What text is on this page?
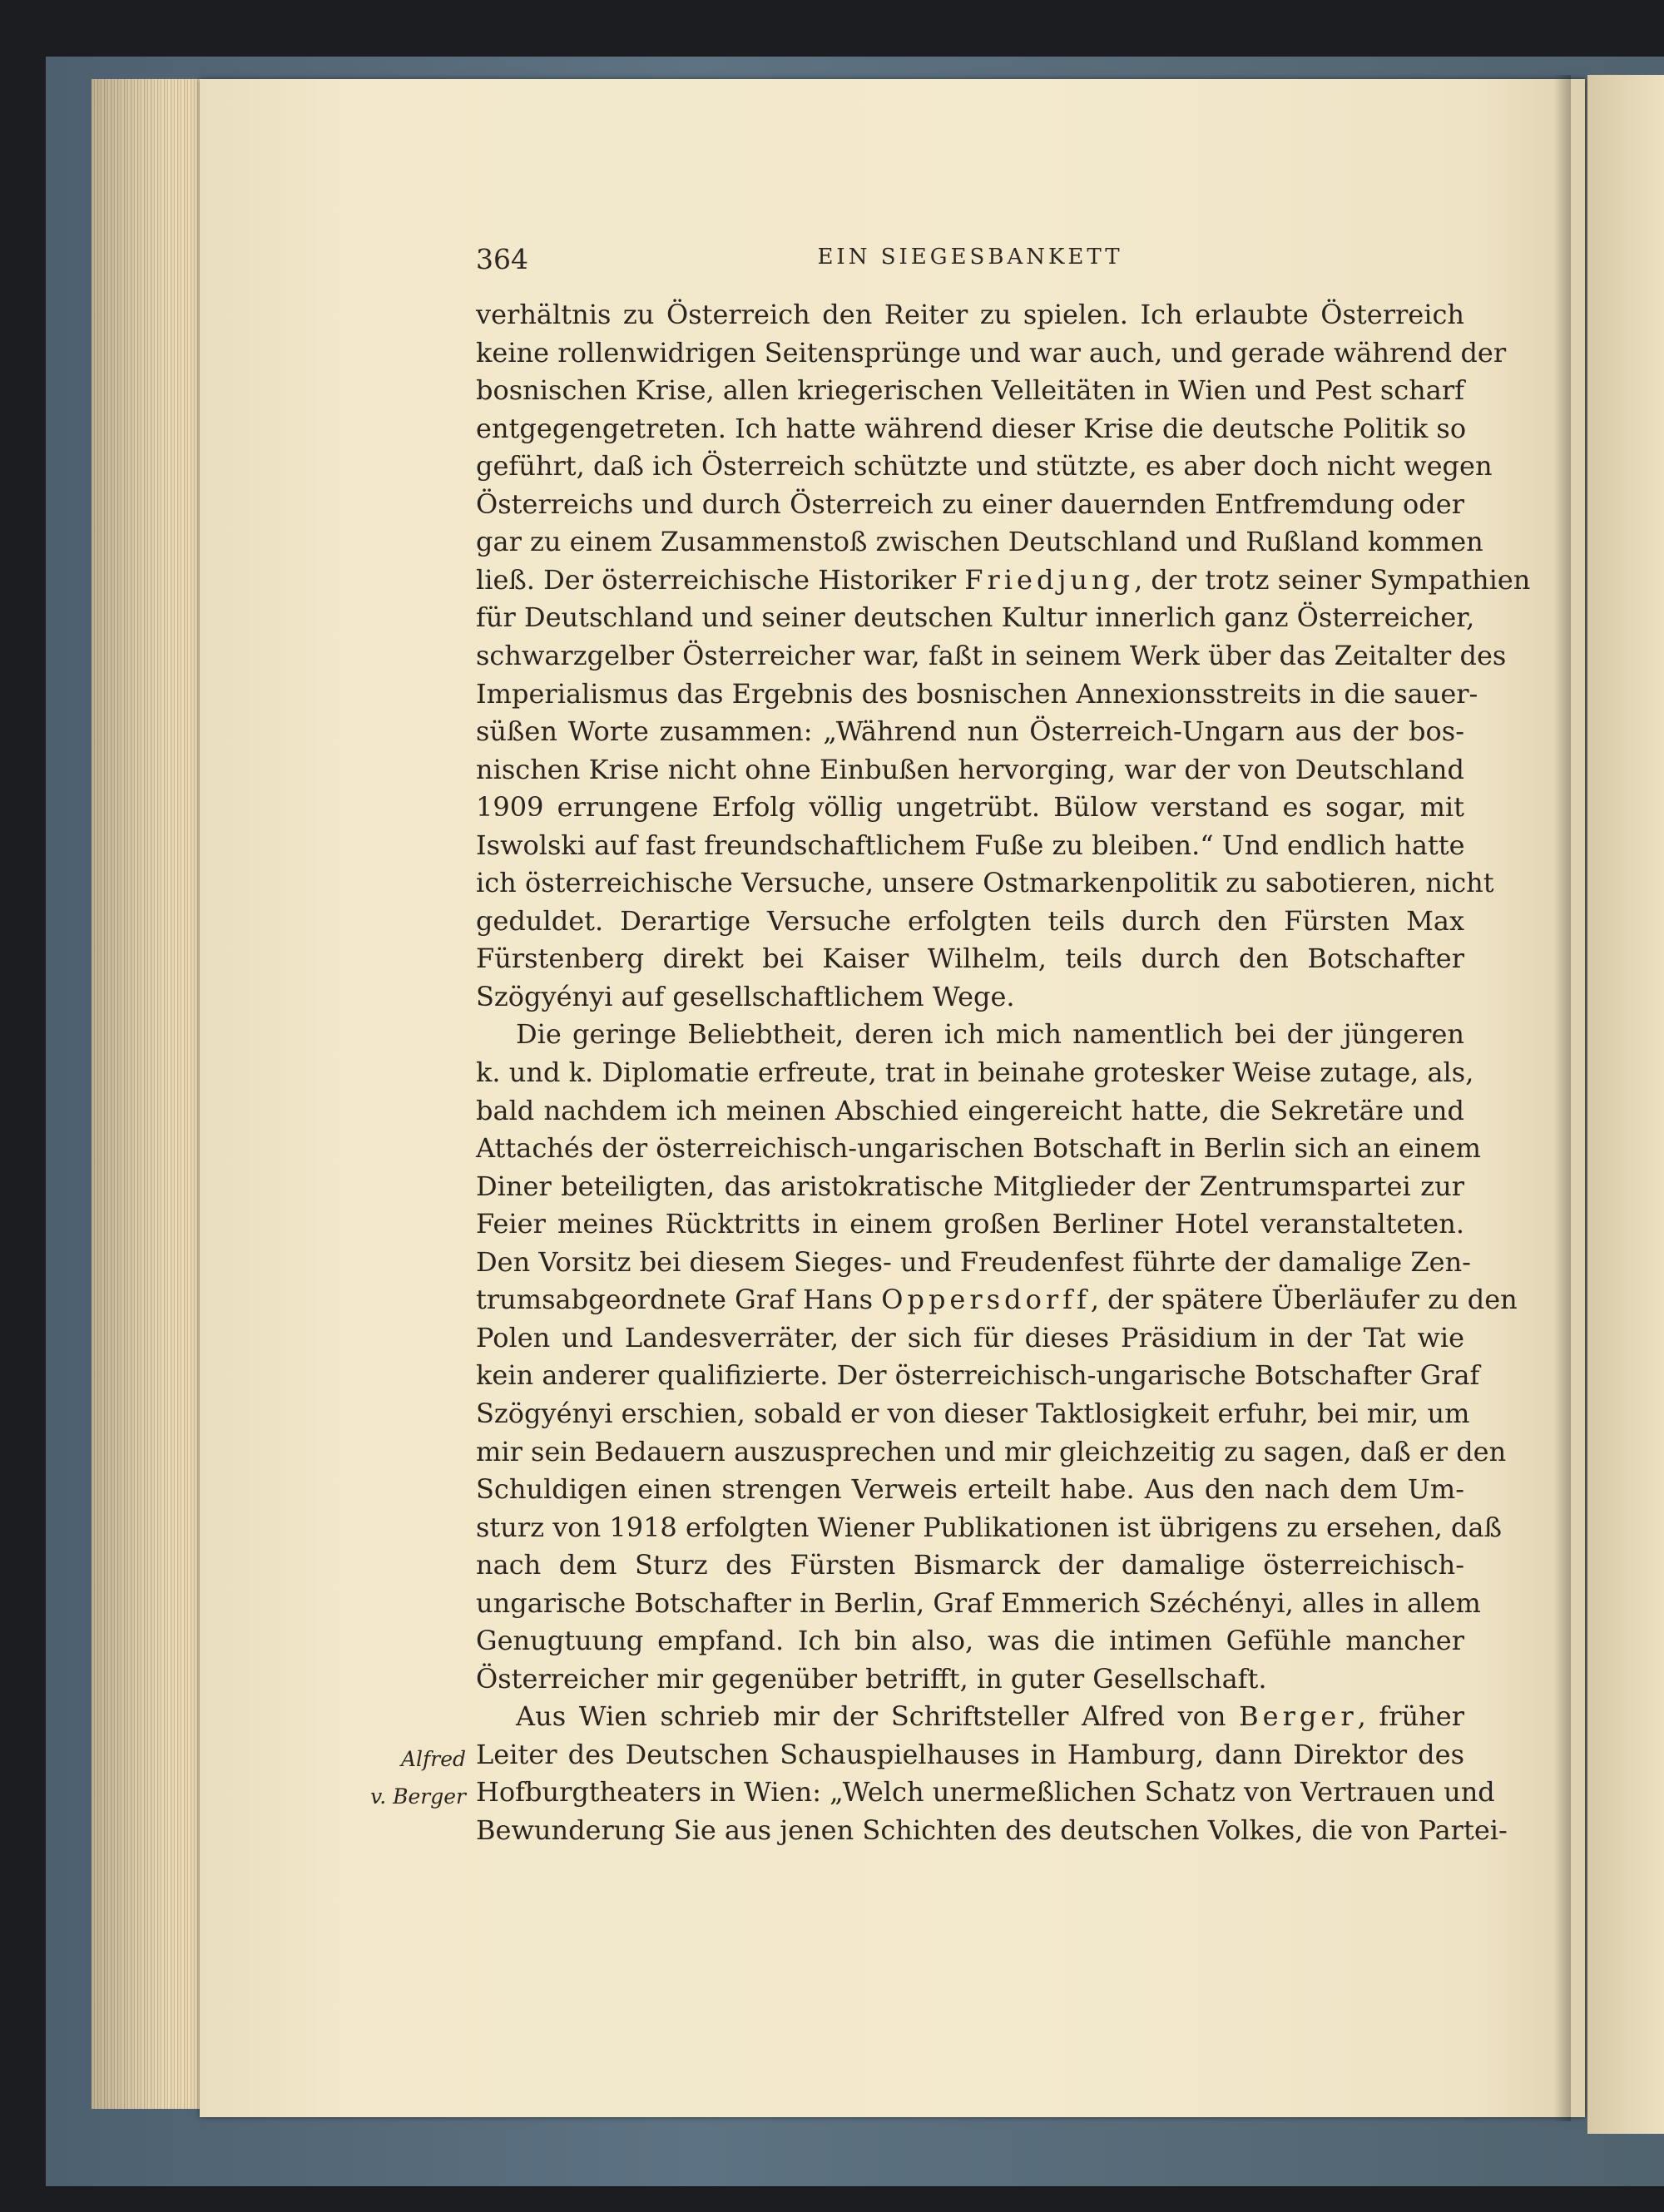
364	EIN SIEGESBANKETT
verhältnis zu Österreich den Reiter zu spielen. Ich erlaubte Österreich
keine rollenwidrigen Seitensprünge und war auch, und gerade während der
bosnischen Krise, allen kriegerischen Velleitäten in Wien und Pest scharf
entgegengetreten. Ich hatte während dieser Krise die deutsche Politik so
geführt, daß ich Österreich schützte und stützte, es aber doch nicht wegen
Österreichs und durch Österreich zu einer dauernden Entfremdung oder
gar zu einem Zusammenstoß zwischen Deutschland und Rußland kommen
ließ. Der österreichische Historiker Friedjung, der trotz seiner Sympathien
für Deutschland und seiner deutschen Kultur innerlich ganz Österreicher,
schwarzgelber Österreicher war, faßt in seinem Werk über das Zeitalter des
Imperialismus das Ergebnis des bosnischen Annexionsstreits in die sauer-
süßen Worte zusammen: „Während nun Österreich-Ungarn aus der bos-
nischen Krise nicht ohne Einbußen hervorging, war der von Deutschland
1909 errungene Erfolg völlig ungetrübt. Bülow verstand es sogar, mit
Iswolski auf fast freundschaftlichem Fuße zu bleiben.“ Und endlich hatte
ich österreichische Versuche, unsere Ostmarkenpolitik zu sabotieren, nicht
geduldet. Derartige Versuche erfolgten teils durch den Fürsten Max
Fürstenberg direkt bei Kaiser Wilhelm, teils durch den Botschafter
Szögyényi auf gesellschaftlichem Wege.
Die geringe Beliebtheit, deren ich mich namentlich bei der jüngeren
k. und k. Diplomatie erfreute, trat in beinahe grotesker Weise zutage, als,
bald nachdem ich meinen Abschied eingereicht hatte, die Sekretäre und
Attachés der österreichisch-ungarischen Botschaft in Berlin sich an einem
Diner beteiligten, das aristokratische Mitglieder der Zentrumspartei zur
Feier meines Rücktritts in einem großen Berliner Hotel veranstalteten.
Den Vorsitz bei diesem Sieges- und Freudenfest führte der damalige Zen-
trumsabgeordnete Graf Hans Oppersdorff, der spätere Überläufer zu den
Polen und Landesverräter, der sich für dieses Präsidium in der Tat wie
kein anderer qualifizierte. Der österreichisch-ungarische Botschafter Graf
Szögyényi erschien, sobald er von dieser Taktlosigkeit erfuhr, bei mir, um
mir sein Bedauern auszusprechen und mir gleichzeitig zu sagen, daß er den
Schuldigen einen strengen Verweis erteilt habe. Aus den nach dem Um-
sturz von 1918 erfolgten Wiener Publikationen ist übrigens zu ersehen, daß
nach dem Sturz des Fürsten Bismarck der damalige österreichisch-
ungarische Botschafter in Berlin, Graf Emmerich Széchényi, alles in allem
Genugtuung empfand. Ich bin also, was die intimen Gefühle mancher
Österreicher mir gegenüber betrifft, in guter Gesellschaft.
Aus Wien schrieb mir der Schriftsteller Alfred von Berger, früher
Leiter des Deutschen Schauspielhauses in Hamburg, dann Direktor des
Hofburgtheaters in Wien: „Welch unermeßlichen Schatz von Vertrauen und
Bewunderung Sie aus jenen Schichten des deutschen Volkes, die von Partei-
Alfred
v. Berger
